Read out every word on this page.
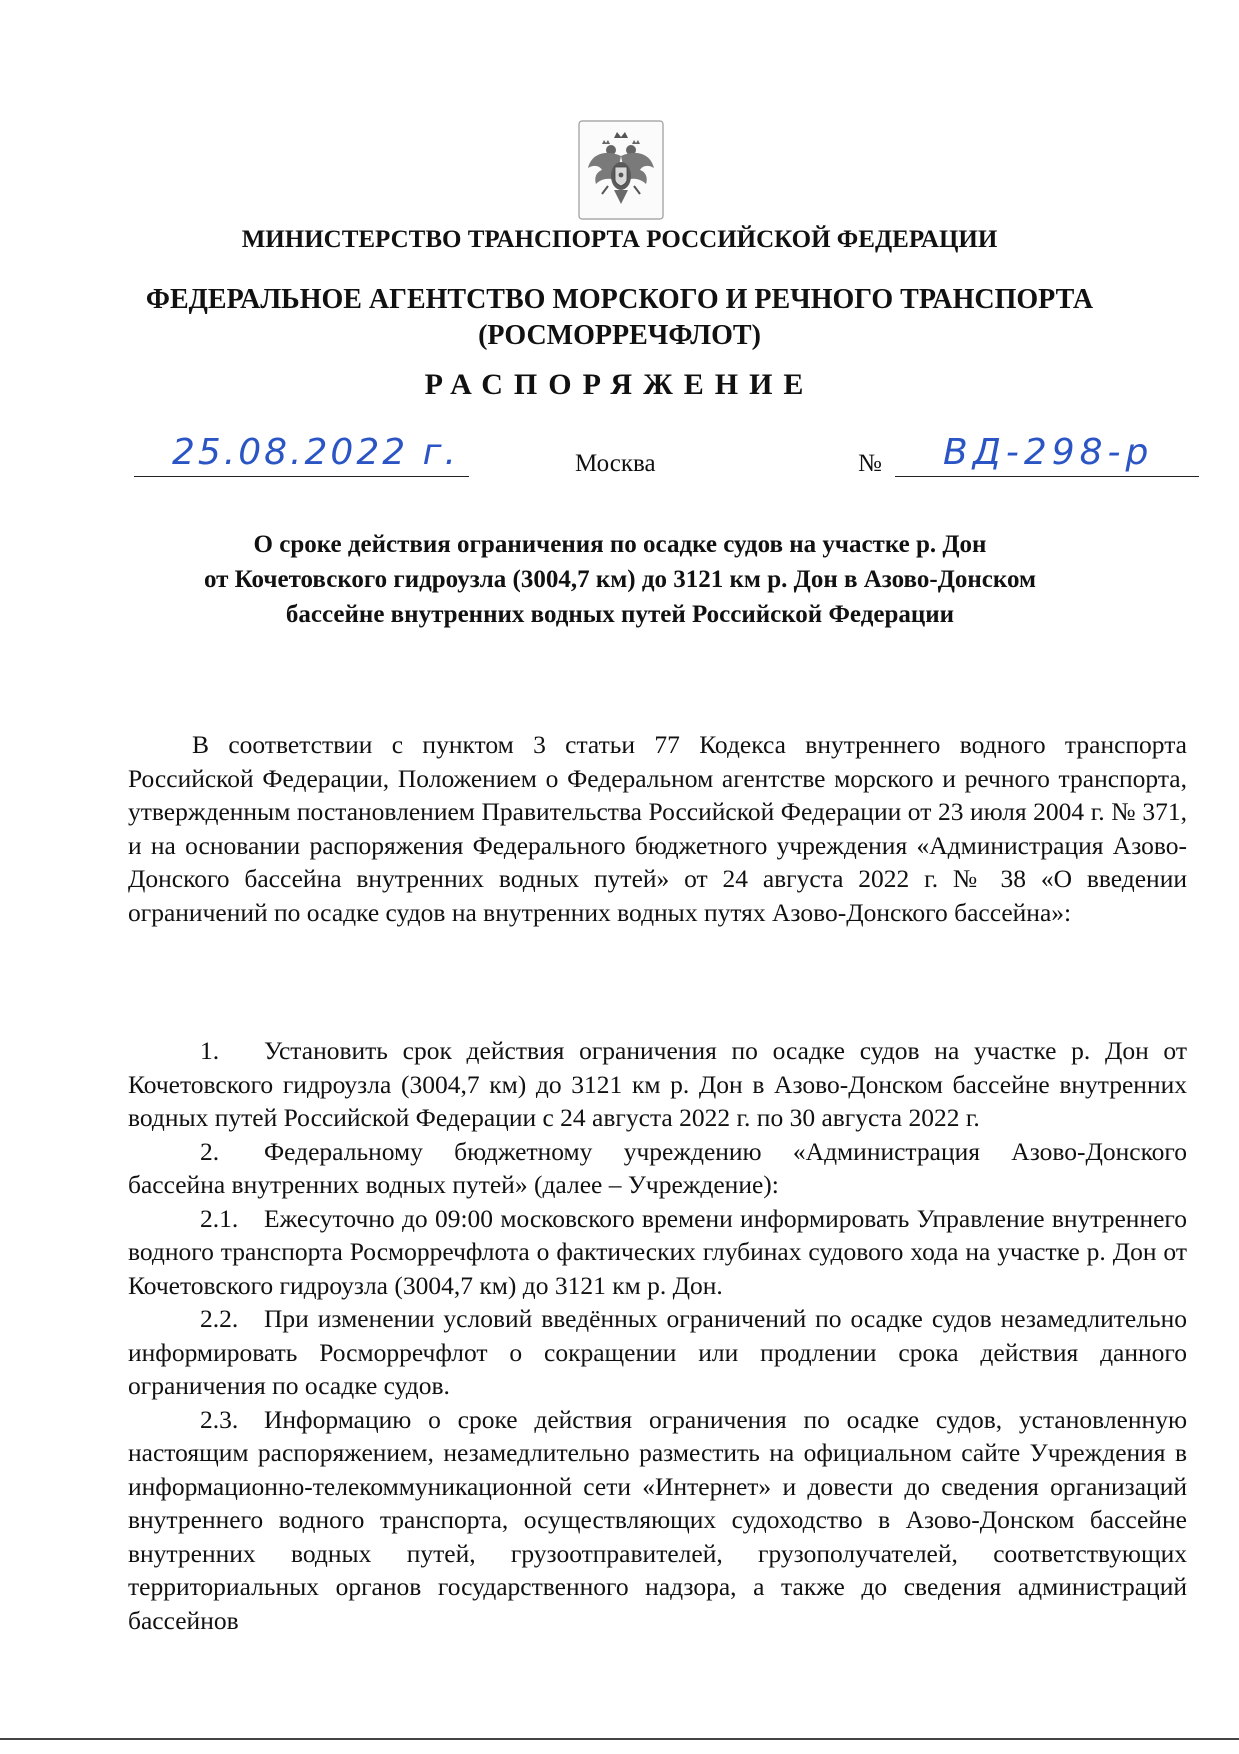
МИНИСТЕРСТВО ТРАНСПОРТА РОССИЙСКОЙ ФЕДЕРАЦИИ
ФЕДЕРАЛЬНОЕ АГЕНТСТВО МОРСКОГО И РЕЧНОГО ТРАНСПОРТА
(РОСМОРРЕЧФЛОТ)
РАСПОРЯЖЕНИЕ
25.08.2022 г.	Москва	№ ВД-298-р
О сроке действия ограничения по осадке судов на участке р. Дон
от Кочетовского гидроузла (3004,7 км) до 3121 км р. Дон в Азово-Донском
бассейне внутренних водных путей Российской Федерации
В соответствии с пунктом 3 статьи 77 Кодекса внутреннего водного транспорта Российской Федерации, Положением о Федеральном агентстве морского и речного транспорта, утвержденным постановлением Правительства Российской Федерации от 23 июля 2004 г. № 371, и на основании распоряжения Федерального бюджетного учреждения «Администрация Азово-Донского бассейна внутренних водных путей» от 24 августа 2022 г. № 38 «О введении ограничений по осадке судов на внутренних водных путях Азово-Донского бассейна»:

1. Установить срок действия ограничения по осадке судов на участке р. Дон от Кочетовского гидроузла (3004,7 км) до 3121 км р. Дон в Азово-Донском бассейне внутренних водных путей Российской Федерации с 24 августа 2022 г. по 30 августа 2022 г.

2. Федеральному бюджетному учреждению «Администрация Азово-Донского бассейна внутренних водных путей» (далее – Учреждение):

2.1. Ежесуточно до 09:00 московского времени информировать Управление внутреннего водного транспорта Росморречфлота о фактических глубинах судового хода на участке р. Дон от Кочетовского гидроузла (3004,7 км) до 3121 км р. Дон.

2.2. При изменении условий введённых ограничений по осадке судов незамедлительно информировать Росморречфлот о сокращении или продлении срока действия данного ограничения по осадке судов.

2.3. Информацию о сроке действия ограничения по осадке судов, установленную настоящим распоряжением, незамедлительно разместить на официальном сайте Учреждения в информационно-телекоммуникационной сети «Интернет» и довести до сведения организаций внутреннего водного транспорта, осуществляющих судоходство в Азово-Донском бассейне внутренних водных путей, грузоотправителей, грузополучателей, соответствующих территориальных органов государственного надзора, а также до сведения администраций бассейнов
